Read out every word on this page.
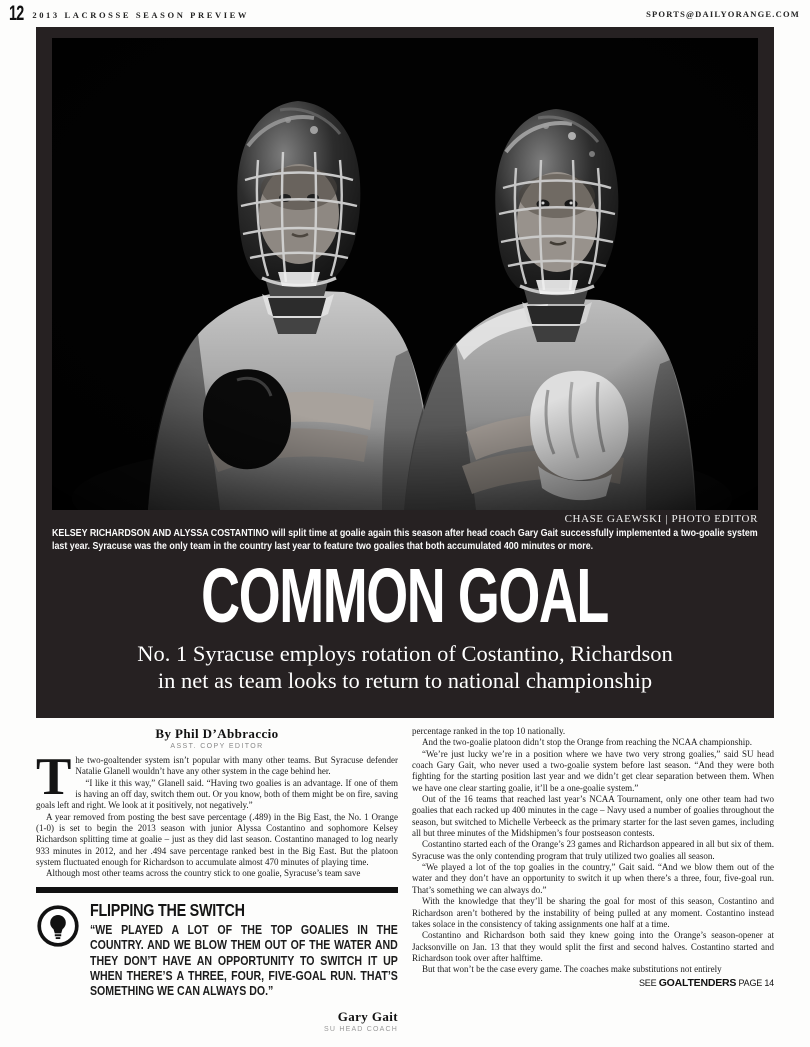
12 2013 LACROSSE SEASON PREVIEW	SPORTS@DAILYORANGE.COM
CHASE GAEWSKI | PHOTO EDITOR
KELSEY RICHARDSON AND ALYSSA COSTANTINO will split time at goalie again this season after head coach Gary Gait successfully implemented a two-goalie system last year. Syracuse was the only team in the country last year to feature two goalies that both accumulated 400 minutes or more.
COMMON GOAL
No. 1 Syracuse employs rotation of Costantino, Richardson
in net as team looks to return to national championship
By Phil D’Abbraccio
ASST. COPY EDITOR

The two-goaltender system isn’t popular with many other teams. But Syracuse defender Natalie Glanell wouldn’t have any other system in the cage behind her.

“I like it this way,” Glanell said. “Having two goalies is an advantage. If one of them is having an off day, switch them out. Or you know, both of them might be on fire, saving goals left and right. We look at it positively, not negatively.”

A year removed from posting the best save percentage (.489) in the Big East, the No. 1 Orange (1-0) is set to begin the 2013 season with junior Alyssa Costantino and sophomore Kelsey Richardson splitting time at goalie – just as they did last season. Costantino managed to log nearly 933 minutes in 2012, and her .494 save percentage ranked best in the Big East. But the platoon system fluctuated enough for Richardson to accumulate almost 470 minutes of playing time.

Although most other teams across the country stick to one goalie, Syracuse’s team save

FLIPPING THE SWITCH
“WE PLAYED A LOT OF THE TOP GOALIES IN THE COUNTRY. AND WE BLOW THEM OUT OF THE WATER AND THEY DON’T HAVE AN OPPORTUNITY TO SWITCH IT UP WHEN THERE’S A THREE, FOUR, FIVE-GOAL RUN. THAT’S SOMETHING WE CAN ALWAYS DO.”
Gary Gait
SU HEAD COACH

percentage ranked in the top 10 nationally.

And the two-goalie platoon didn’t stop the Orange from reaching the NCAA championship.

“We’re just lucky we’re in a position where we have two very strong goalies,” said SU head coach Gary Gait, who never used a two-goalie system before last season. “And they were both fighting for the starting position last year and we didn’t get clear separation between them. When we have one clear starting goalie, it’ll be a one-goalie system.”

Out of the 16 teams that reached last year’s NCAA Tournament, only one other team had two goalies that each racked up 400 minutes in the cage – Navy used a number of goalies throughout the season, but switched to Michelle Verbeeck as the primary starter for the last seven games, including all but three minutes of the Midshipmen’s four postseason contests.

Costantino started each of the Orange’s 23 games and Richardson appeared in all but six of them. Syracuse was the only contending program that truly utilized two goalies all season.

“We played a lot of the top goalies in the country,” Gait said. “And we blow them out of the water and they don’t have an opportunity to switch it up when there’s a three, four, five-goal run. That’s something we can always do.”

With the knowledge that they’ll be sharing the goal for most of this season, Costantino and Richardson aren’t bothered by the instability of being pulled at any moment. Costantino instead takes solace in the consistency of taking assignments one half at a time.

Costantino and Richardson both said they knew going into the Orange’s season-opener at Jacksonville on Jan. 13 that they would split the first and second halves. Costantino started and Richardson took over after halftime.

But that won’t be the case every game. The coaches make substitutions not entirely

SEE GOALTENDERS PAGE 14
